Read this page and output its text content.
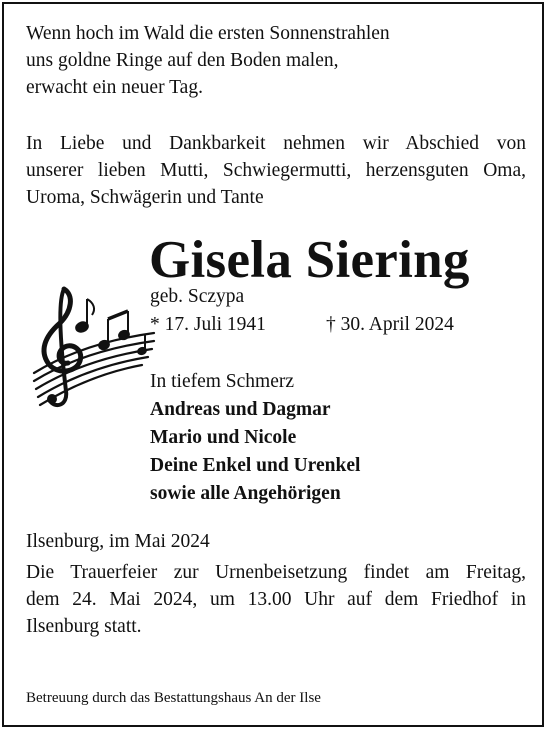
Wenn hoch im Wald die ersten Sonnenstrahlen
uns goldne Ringe auf den Boden malen,
erwacht ein neuer Tag.
In Liebe und Dankbarkeit nehmen wir Abschied von
unserer lieben Mutti, Schwiegermutti, herzensguten Oma,
Uroma, Schwägerin und Tante
Gisela Siering
geb. Sczypa
* 17. Juli 1941	† 30. April 2024
In tiefem Schmerz
Andreas und Dagmar
Mario und Nicole
Deine Enkel und Urenkel
sowie alle Angehörigen
Ilsenburg, im Mai 2024
Die Trauerfeier zur Urnenbeisetzung findet am Freitag,
dem 24. Mai 2024, um 13.00 Uhr auf dem Friedhof in
Ilsenburg statt.
Betreuung durch das Bestattungshaus An der Ilse
